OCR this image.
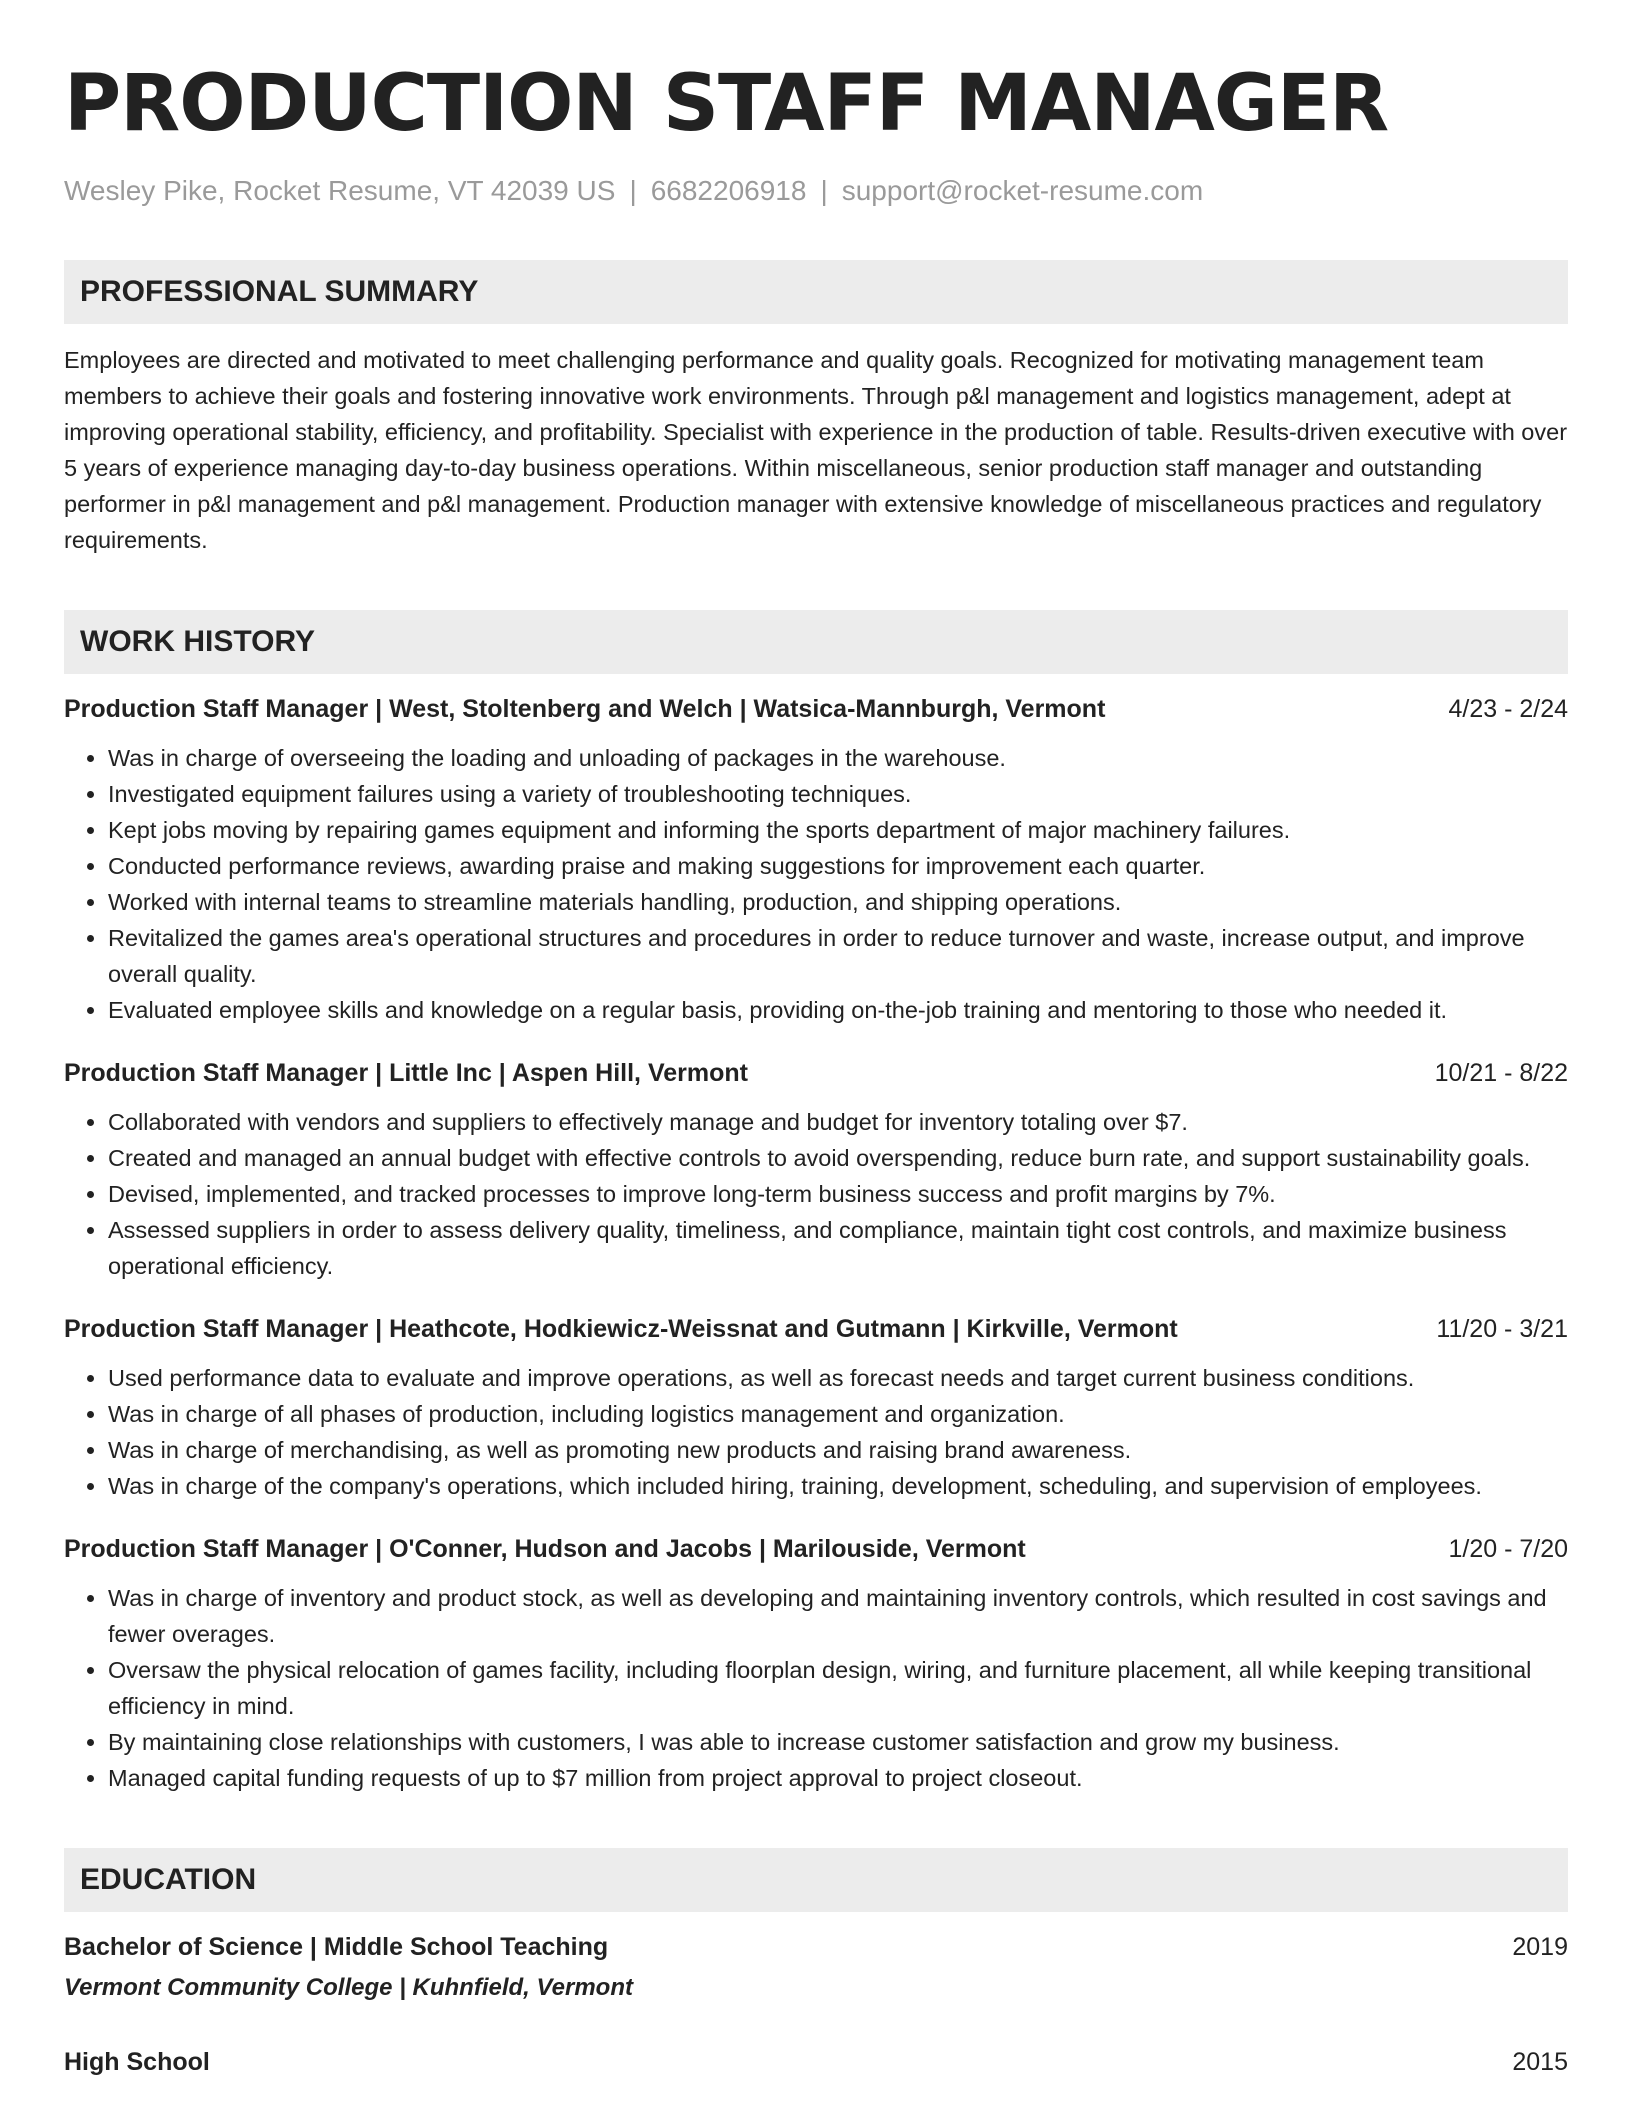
PRODUCTION STAFF MANAGER
Wesley Pike, Rocket Resume, VT 42039 US | 6682206918 | support@rocket-resume.com
PROFESSIONAL SUMMARY

Employees are directed and motivated to meet challenging performance and quality goals. Recognized for motivating management team members to achieve their goals and fostering innovative work environments. Through p&l management and logistics management, adept at improving operational stability, efficiency, and profitability. Specialist with experience in the production of table. Results-driven executive with over 5 years of experience managing day-to-day business operations. Within miscellaneous, senior production staff manager and outstanding performer in p&l management and p&l management. Production manager with extensive knowledge of miscellaneous practices and regulatory requirements.

WORK HISTORY
Production Staff Manager | West, Stoltenberg and Welch | Watsica-Mannburgh, Vermont	4/23 - 2/24
• Was in charge of overseeing the loading and unloading of packages in the warehouse.
• Investigated equipment failures using a variety of troubleshooting techniques.
• Kept jobs moving by repairing games equipment and informing the sports department of major machinery failures.
• Conducted performance reviews, awarding praise and making suggestions for improvement each quarter.
• Worked with internal teams to streamline materials handling, production, and shipping operations.
• Revitalized the games area's operational structures and procedures in order to reduce turnover and waste, increase output, and improve overall quality.
• Evaluated employee skills and knowledge on a regular basis, providing on-the-job training and mentoring to those who needed it.
Production Staff Manager | Little Inc | Aspen Hill, Vermont	10/21 - 8/22
• Collaborated with vendors and suppliers to effectively manage and budget for inventory totaling over $7.
• Created and managed an annual budget with effective controls to avoid overspending, reduce burn rate, and support sustainability goals.
• Devised, implemented, and tracked processes to improve long-term business success and profit margins by 7%.
• Assessed suppliers in order to assess delivery quality, timeliness, and compliance, maintain tight cost controls, and maximize business operational efficiency.
Production Staff Manager | Heathcote, Hodkiewicz-Weissnat and Gutmann | Kirkville, Vermont	11/20 - 3/21
• Used performance data to evaluate and improve operations, as well as forecast needs and target current business conditions.
• Was in charge of all phases of production, including logistics management and organization.
• Was in charge of merchandising, as well as promoting new products and raising brand awareness.
• Was in charge of the company's operations, which included hiring, training, development, scheduling, and supervision of employees.
Production Staff Manager | O'Conner, Hudson and Jacobs | Marilouside, Vermont	1/20 - 7/20
• Was in charge of inventory and product stock, as well as developing and maintaining inventory controls, which resulted in cost savings and fewer overages.
• Oversaw the physical relocation of games facility, including floorplan design, wiring, and furniture placement, all while keeping transitional efficiency in mind.
• By maintaining close relationships with customers, I was able to increase customer satisfaction and grow my business.
• Managed capital funding requests of up to $7 million from project approval to project closeout.
EDUCATION
Bachelor of Science | Middle School Teaching	2019
Vermont Community College | Kuhnfield, Vermont
High School	2015
